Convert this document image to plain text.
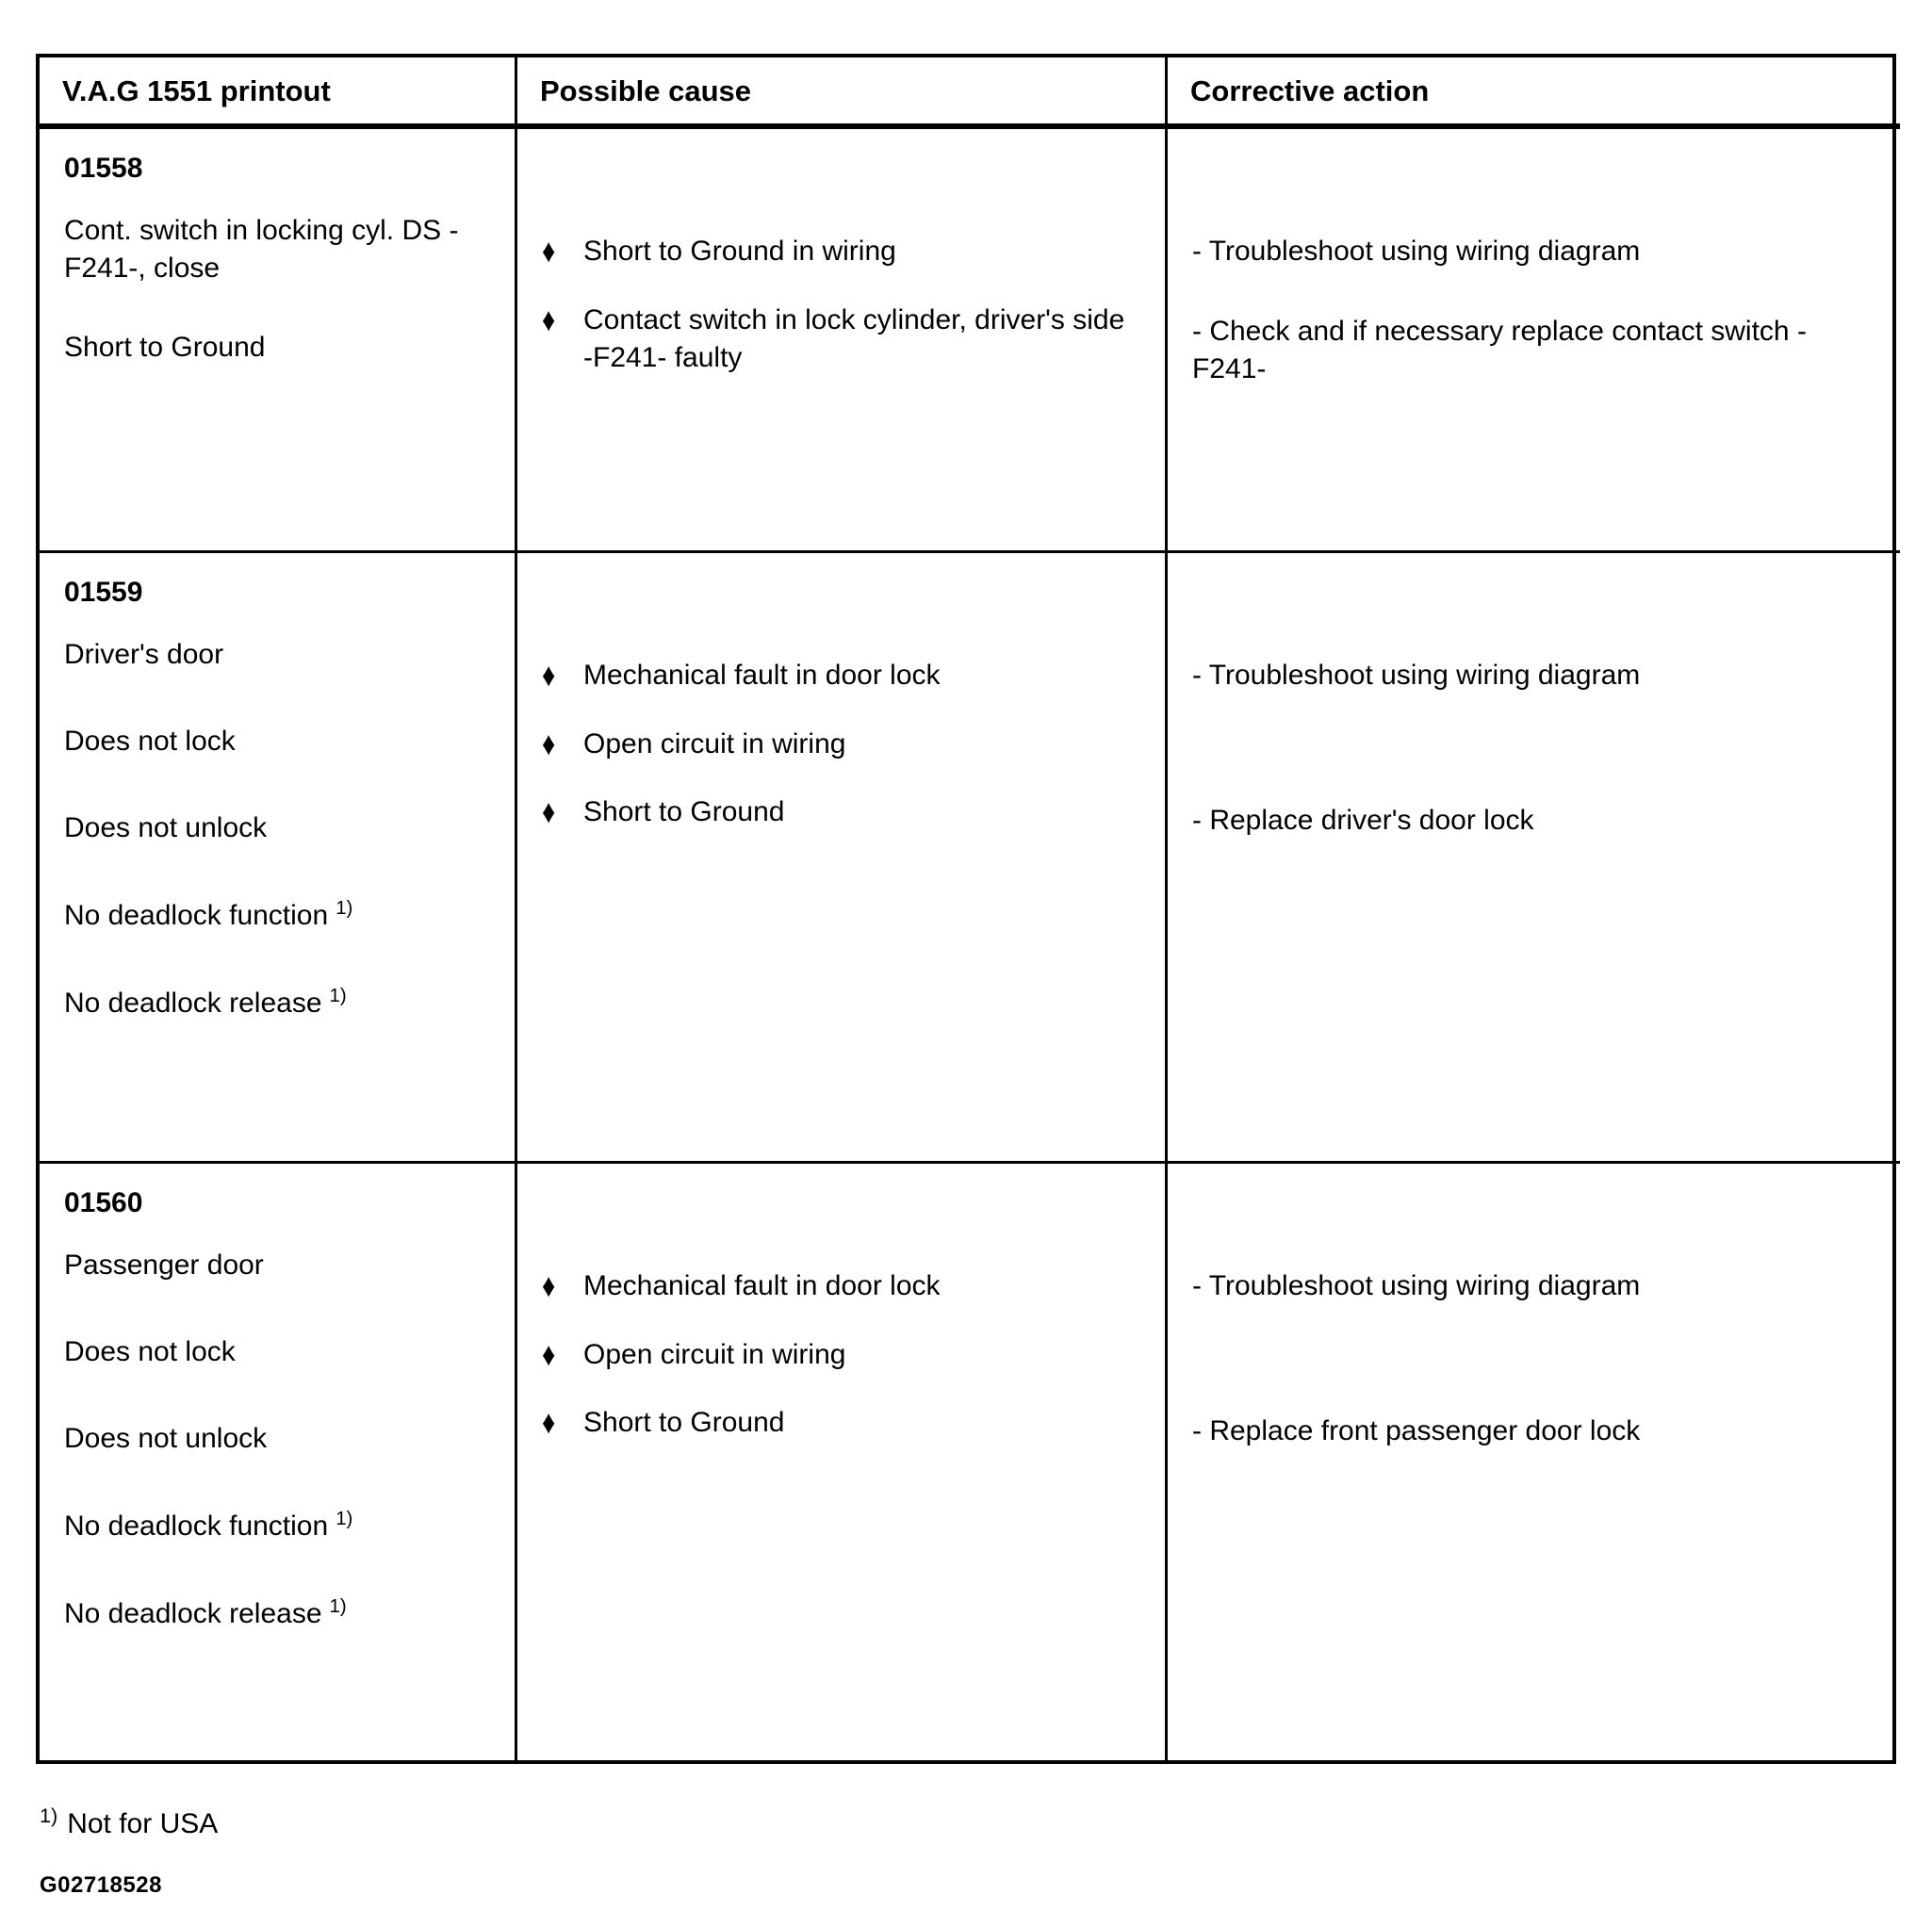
V.A.G 1551 printout	Possible cause	Corrective action
01558

Cont. switch in locking cyl. DS -F241-, close

Short to Ground

♦ Short to Ground in wiring
♦ Contact switch in lock cylinder, driver's side -F241- faulty

- Troubleshoot using wiring diagram

- Check and if necessary replace contact switch -F241-

01559

Driver's door

Does not lock

Does not unlock

No deadlock function $^{1)}$

No deadlock release $^{1)}$

♦ Mechanical fault in door lock
♦ Open circuit in wiring
♦ Short to Ground

- Troubleshoot using wiring diagram

- Replace driver's door lock

01560

Passenger door

Does not lock

Does not unlock

No deadlock function $^{1)}$

No deadlock release $^{1)}$

♦ Mechanical fault in door lock
♦ Open circuit in wiring
♦ Short to Ground

- Troubleshoot using wiring diagram

- Replace front passenger door lock

$^{1)}$ Not for USA
G02718528
